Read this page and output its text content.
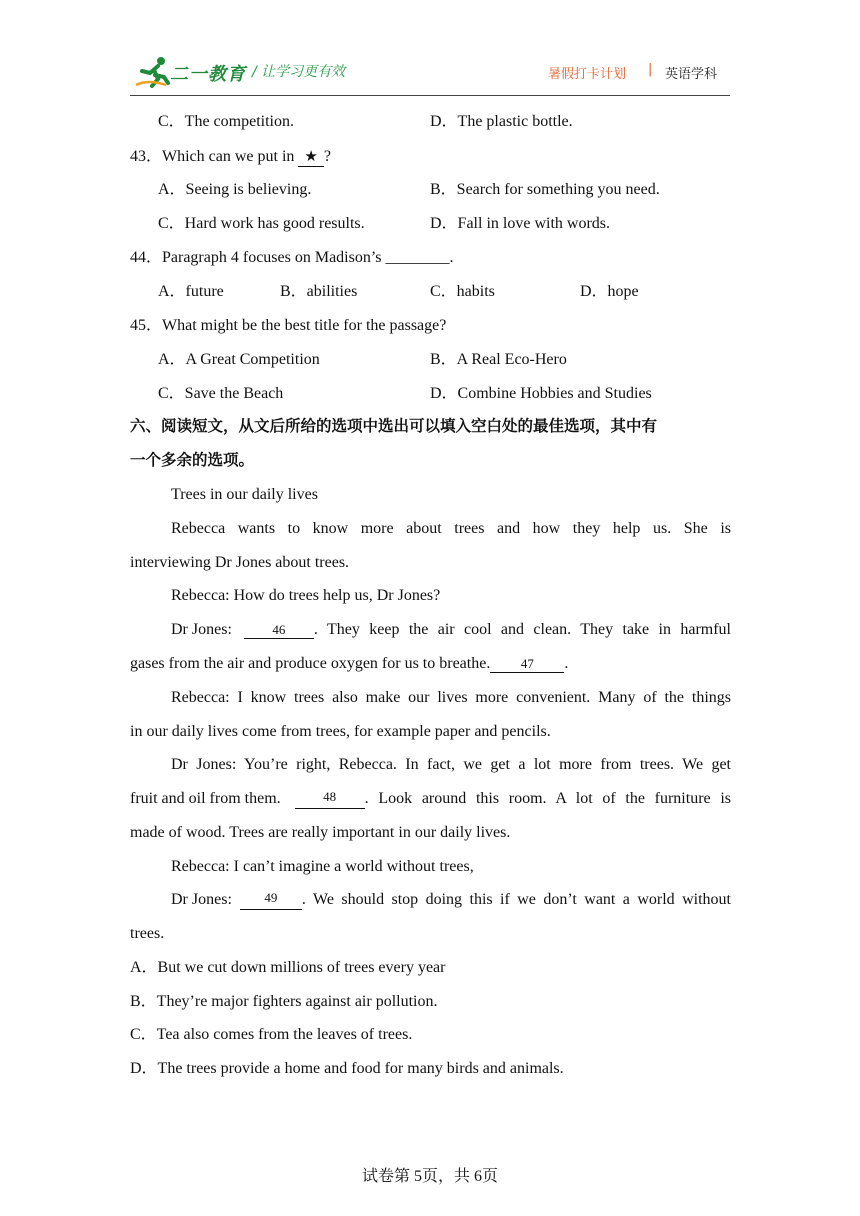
二一教育 / 让学习更有效	暑假打卡计划 | 英语学科
C．The competition.	D．The plastic bottle.
43．Which can we put in ★ ?
A．Seeing is believing.	B．Search for something you need.
C．Hard work has good results.	D．Fall in love with words.
44．Paragraph 4 focuses on Madison’s ________.
A．future	B．abilities	C．habits	D．hope
45．What might be the best title for the passage?
A．A Great Competition	B．A Real Eco-Hero
C．Save the Beach	D．Combine Hobbies and Studies
六、阅读短文，从文后所给的选项中选出可以填入空白处的最佳选项，其中有
一个多余的选项。
Trees in our daily lives
Rebecca wants to know more about trees and how they help us. She is
interviewing Dr Jones about trees.
Rebecca: How do trees help us, Dr Jones?
Dr Jones:	46	. They keep the air cool and clean. They take in harmful
gases from the air and produce oxygen for us to breathe. 47 .
Rebecca: I know trees also make our lives more convenient. Many of the things
in our daily lives come from trees, for example paper and pencils.
Dr Jones: You’re right, Rebecca. In fact, we get a lot more from trees. We get
fruit and oil from them.	48	. Look around this room. A lot of the furniture is
made of wood. Trees are really important in our daily lives.
Rebecca: I can’t imagine a world without trees,
Dr Jones:	49	. We should stop doing this if we don’t want a world without
trees.
A．But we cut down millions of trees every year
B．They’re major fighters against air pollution.
C．Tea also comes from the leaves of trees.
D．The trees provide a home and food for many birds and animals.
试卷第 5页，共 6页
